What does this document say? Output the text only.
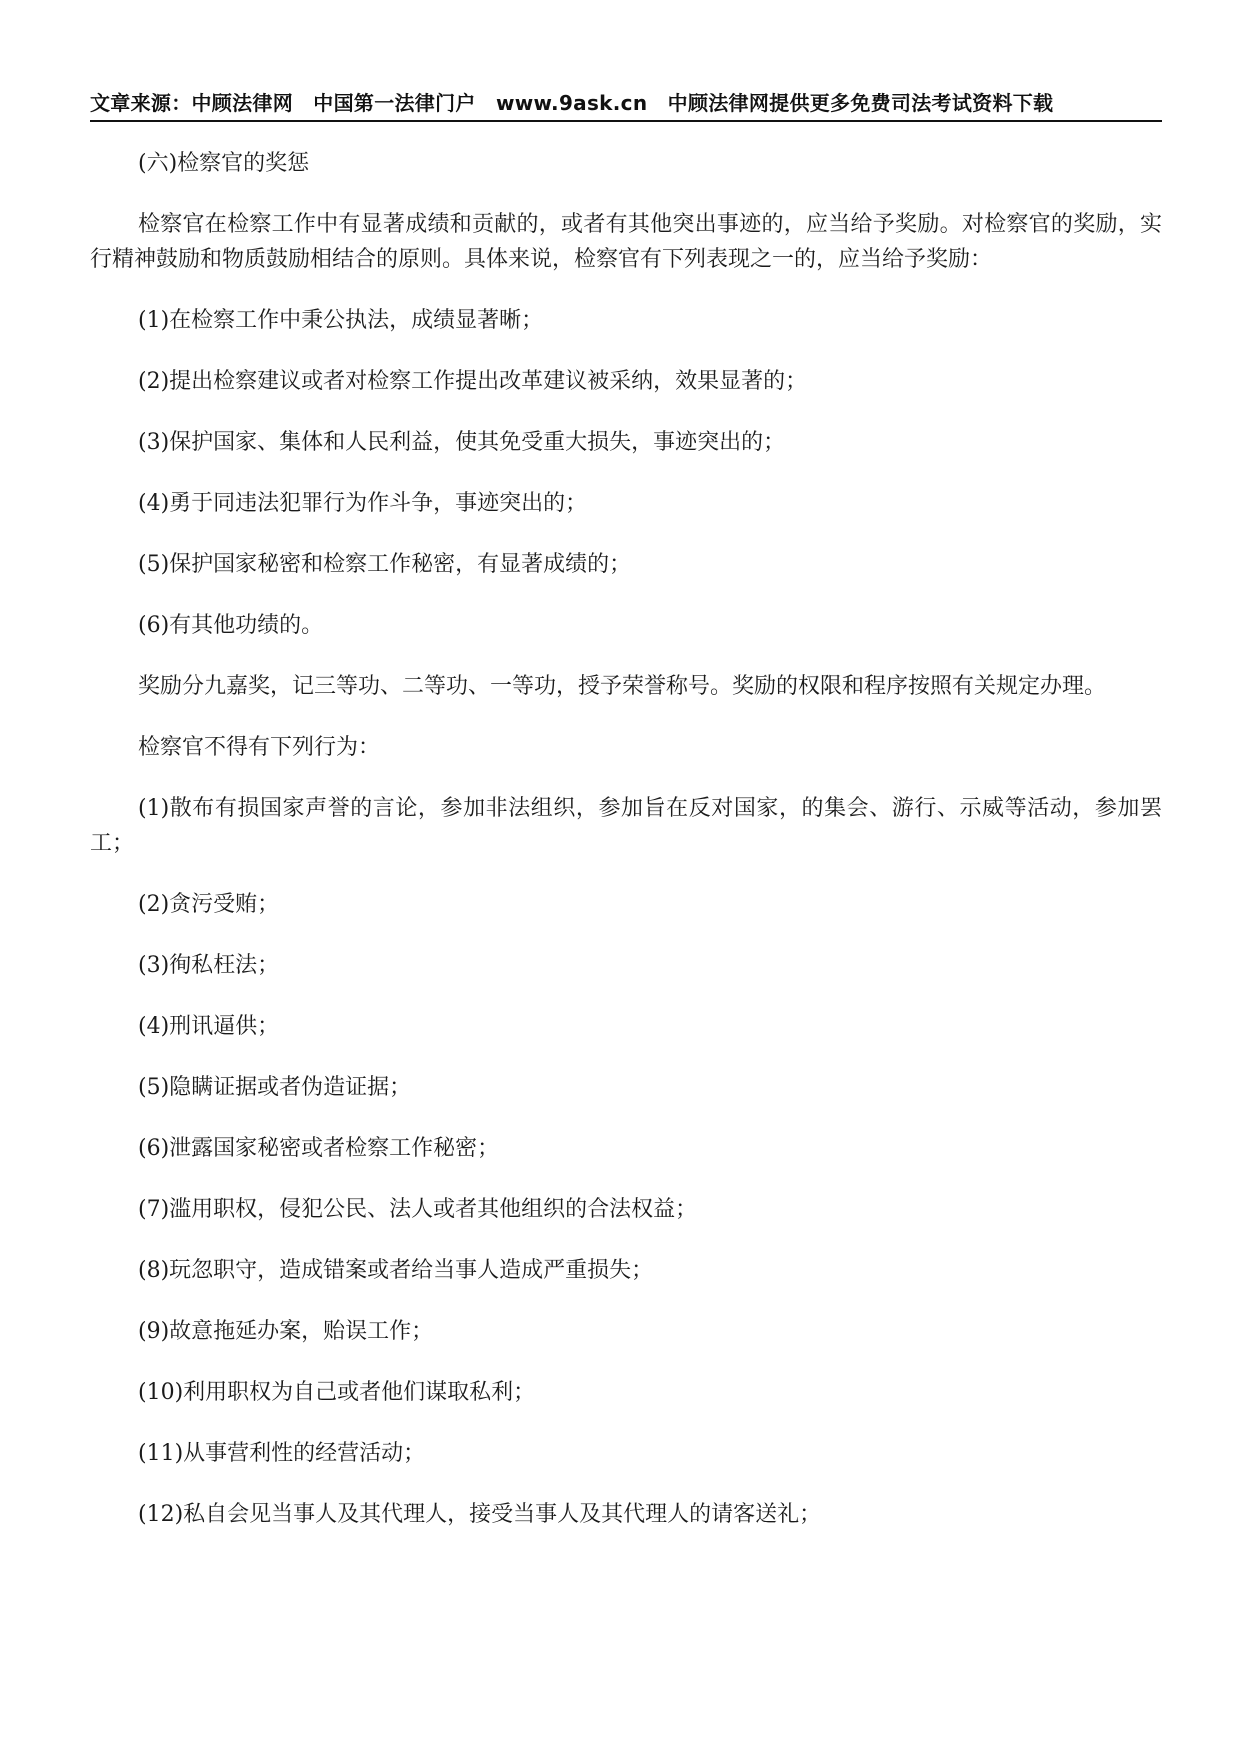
文章来源：中顾法律网　中国第一法律门户　www.9ask.cn　中顾法律网提供更多免费司法考试资料下载

(六)检察官的奖惩

检察官在检察工作中有显著成绩和贡献的，或者有其他突出事迹的，应当给予奖励。对检察官的奖励，实行精神鼓励和物质鼓励相结合的原则。具体来说，检察官有下列表现之一的，应当给予奖励：

(1)在检察工作中秉公执法，成绩显著晰；

(2)提出检察建议或者对检察工作提出改革建议被采纳，效果显著的；

(3)保护国家、集体和人民利益，使其免受重大损失，事迹突出的；

(4)勇于同违法犯罪行为作斗争，事迹突出的；

(5)保护国家秘密和检察工作秘密，有显著成绩的；

(6)有其他功绩的。

奖励分九嘉奖，记三等功、二等功、一等功，授予荣誉称号。奖励的权限和程序按照有关规定办理。

检察官不得有下列行为：

(1)散布有损国家声誉的言论，参加非法组织，参加旨在反对国家，的集会、游行、示威等活动，参加罢工；

(2)贪污受贿；

(3)徇私枉法；

(4)刑讯逼供；

(5)隐瞒证据或者伪造证据；

(6)泄露国家秘密或者检察工作秘密；

(7)滥用职权，侵犯公民、法人或者其他组织的合法权益；

(8)玩忽职守，造成错案或者给当事人造成严重损失；

(9)故意拖延办案，贻误工作；

(10)利用职权为自己或者他们谋取私利；

(11)从事营利性的经营活动；

(12)私自会见当事人及其代理人，接受当事人及其代理人的请客送礼；
